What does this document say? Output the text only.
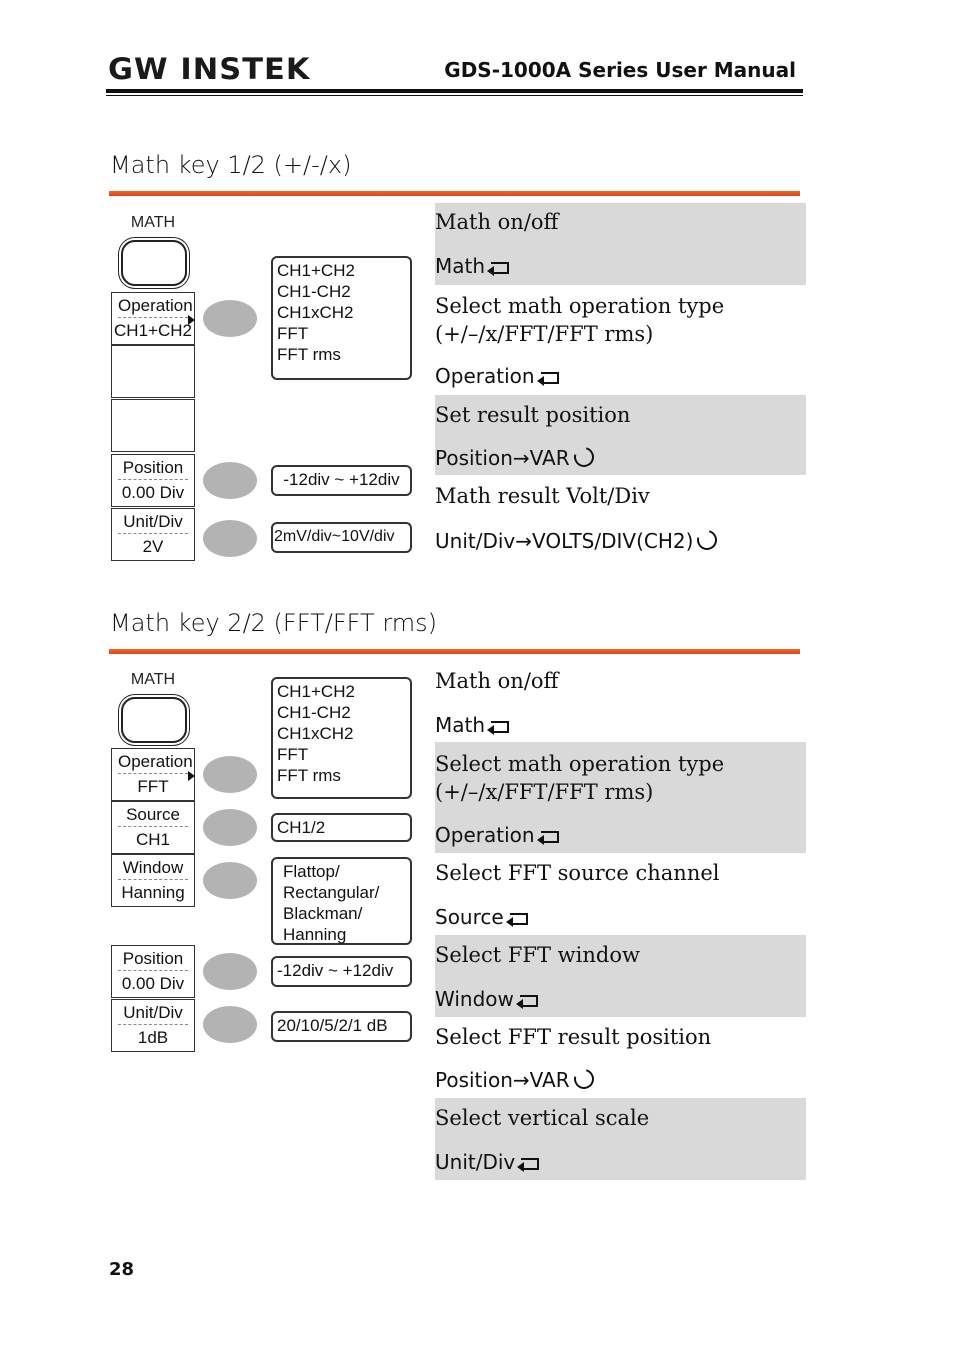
GW INSTEK	GDS-1000A Series User Manual
Math key 1/2 (+/-/x)
MATH
Operation
CH1+CH2
Position
0.00 Div
Unit/Div
2V
CH1+CH2
CH1-CH2
CH1xCH2
FFT
FFT rms
-12div ~ +12div
2mV/div~10V/div
Math on/off
Math
Select math operation type (+/–/x/FFT/FFT rms)
Operation
Set result position
Position→VAR
Math result Volt/Div
Unit/Div→VOLTS/DIV(CH2)
Math key 2/2 (FFT/FFT rms)
MATH
Operation
FFT
Source
CH1
Window
Hanning
Position
0.00 Div
Unit/Div
1dB
CH1+CH2
CH1-CH2
CH1xCH2
FFT
FFT rms
CH1/2
Flattop/
Rectangular/
Blackman/
Hanning
-12div ~ +12div
20/10/5/2/1 dB
Math on/off
Math
Select math operation type (+/–/x/FFT/FFT rms)
Operation
Select FFT source channel
Source
Select FFT window
Window
Select FFT result position
Position→VAR
Select vertical scale
Unit/Div
28
